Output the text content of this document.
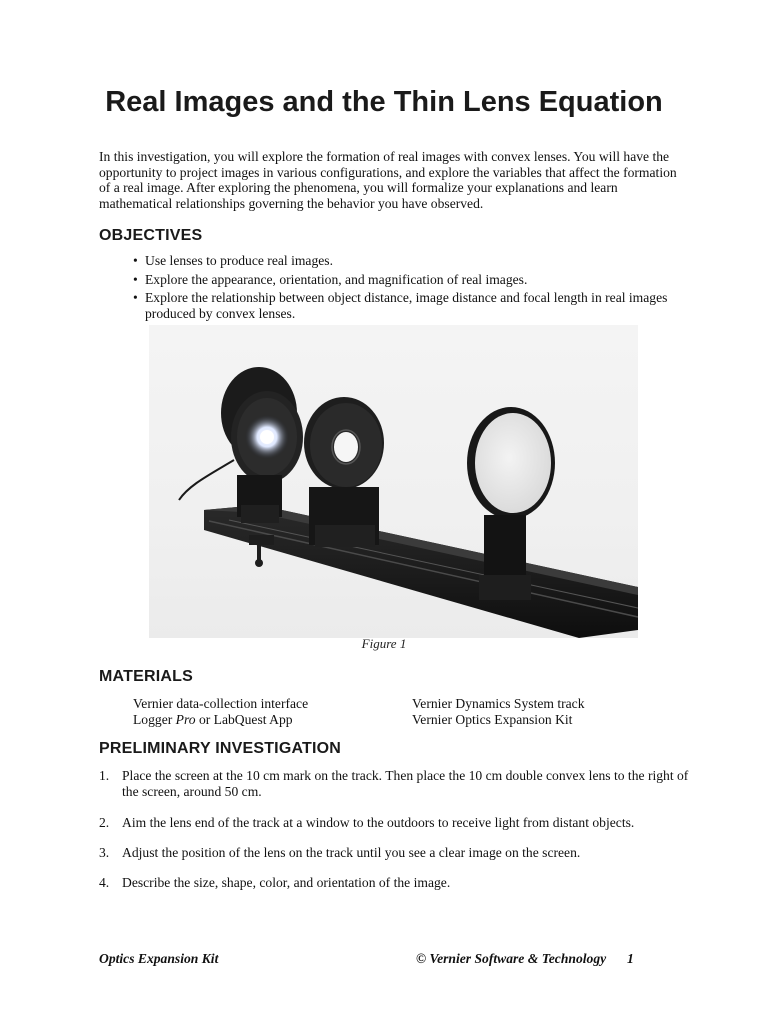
Real Images and the Thin Lens Equation
In this investigation, you will explore the formation of real images with convex lenses. You will have the opportunity to project images in various configurations, and explore the variables that affect the formation of a real image. After exploring the phenomena, you will formalize your explanations and learn mathematical relationships governing the behavior you have observed.
OBJECTIVES
• Use lenses to produce real images.
• Explore the appearance, orientation, and magnification of real images.
• Explore the relationship between object distance, image distance and focal length in real images produced by convex lenses.
Figure 1
MATERIALS
Vernier data-collection interface
Logger Pro or LabQuest App
Vernier Dynamics System track
Vernier Optics Expansion Kit
PRELIMINARY INVESTIGATION
1. Place the screen at the 10 cm mark on the track. Then place the 10 cm double convex lens to the right of the screen, around 50 cm.
2. Aim the lens end of the track at a window to the outdoors to receive light from distant objects.
3. Adjust the position of the lens on the track until you see a clear image on the screen.
4. Describe the size, shape, color, and orientation of the image.
Optics Expansion Kit	© Vernier Software & Technology 1
